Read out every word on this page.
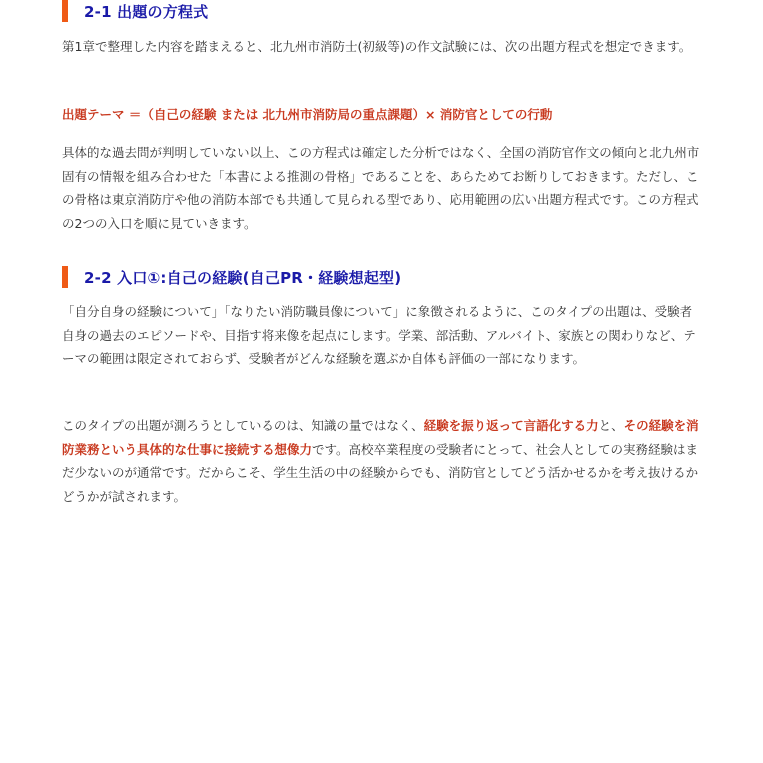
2-1 出題の方程式

第1章で整理した内容を踏まえると、北九州市消防士(初級等)の作文試験には、次の出題方程式を想定できます。

出題テーマ ＝（自己の経験 または 北九州市消防局の重点課題）× 消防官としての行動

具体的な過去問が判明していない以上、この方程式は確定した分析ではなく、全国の消防官作文の傾向と北九州市固有の情報を組み合わせた「本書による推測の骨格」であることを、あらためてお断りしておきます。ただし、この骨格は東京消防庁や他の消防本部でも共通して見られる型であり、応用範囲の広い出題方程式です。この方程式の2つの入口を順に見ていきます。

2-2 入口①:自己の経験(自己PR・経験想起型)

「自分自身の経験について」「なりたい消防職員像について」に象徴されるように、このタイプの出題は、受験者自身の過去のエピソードや、目指す将来像を起点にします。学業、部活動、アルバイト、家族との関わりなど、テーマの範囲は限定されておらず、受験者がどんな経験を選ぶか自体も評価の一部になります。

このタイプの出題が測ろうとしているのは、知識の量ではなく、経験を振り返って言語化する力と、その経験を消防業務という具体的な仕事に接続する想像力です。高校卒業程度の受験者にとって、社会人としての実務経験はまだ少ないのが通常です。だからこそ、学生生活の中の経験からでも、消防官としてどう活かせるかを考え抜けるかどうかが試されます。
